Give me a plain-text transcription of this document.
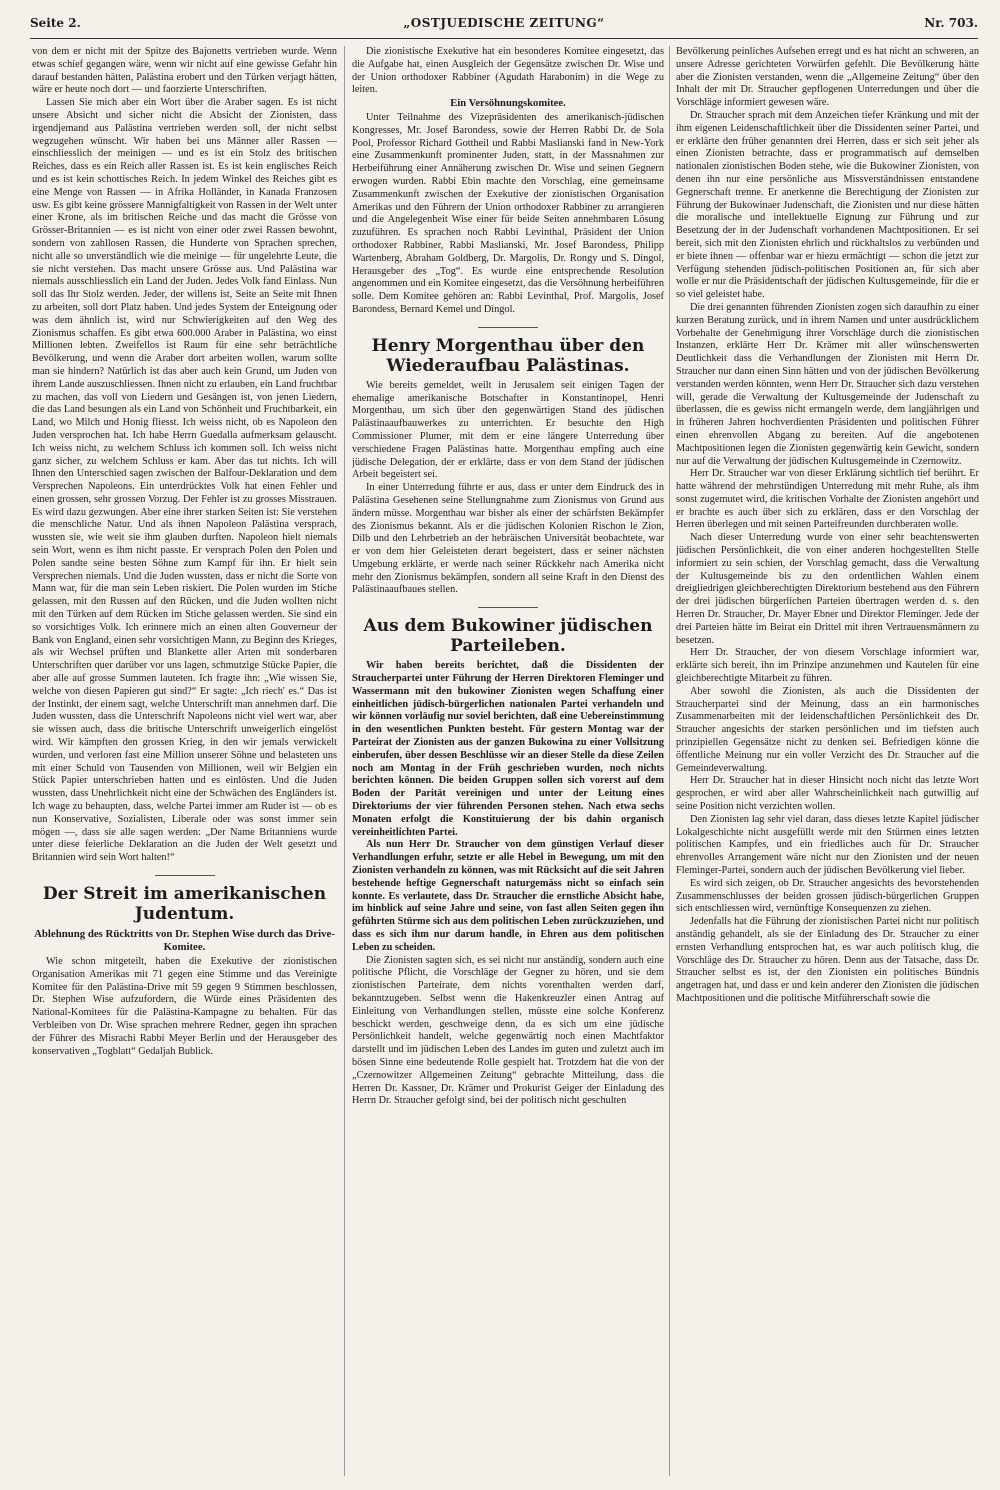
Seite 2.	„OSTJUEDISCHE ZEITUNG“	Nr. 703.

von dem er nicht mit der Spitze des Bajonetts vertrieben wurde. Wenn etwas schief gegangen wäre, wenn wir nicht auf eine gewisse Gefahr hin darauf bestanden hätten, Palästina erobert und den Türken verjagt hätten, wäre er heute noch dort — und faorzierte Unterschriften.

Lassen Sie mich aber ein Wort über die Araber sagen. Es ist nicht unsere Absicht und sicher nicht die Absicht der Zionisten, dass irgendjemand aus Palästina vertrieben werden soll, der nicht selbst wegzugehen wünscht. Wir haben bei uns Männer aller Rassen — einschliesslich der meinigen — und es ist ein Stolz des britischen Reiches, dass es ein Reich aller Rassen ist. Es ist kein englisches Reich und es ist kein schottisches Reich. In jedem Winkel des Reiches gibt es eine Menge von Rassen — in Afrika Holländer, in Kanada Franzosen usw. Es gibt keine grössere Mannigfaltigkeit von Rassen in der Welt unter einer Krone, als im britischen Reiche und das macht die Grösse von Grösser-Britannien — es ist nicht von einer oder zwei Rassen bewohnt, sondern von zahllosen Rassen, die Hunderte von Sprachen sprechen, nicht alle so unverständlich wie die meinige — für ungelehrte Leute, die sie nicht verstehen. Das macht unsere Grösse aus. Und Palästina war niemals ausschliesslich ein Land der Juden. Jedes Volk fand Einlass. Nun soll das Ihr Stolz werden. Jeder, der willens ist, Seite an Seite mit Ihnen zu arbeiten, soll dort Platz haben. Und jedes System der Enteignung oder was dem ähnlich ist, wird nur Schwierigkeiten auf den Weg des Zionismus schaffen. Es gibt etwa 600.000 Araber in Palästina, wo einst Millionen lebten. Zweifellos ist Raum für eine sehr beträchtliche Bevölkerung, und wenn die Araber dort arbeiten wollen, warum sollte man sie hindern? Natürlich ist das aber auch kein Grund, um Juden von ihrem Lande auszuschliessen. Ihnen nicht zu erlauben, ein Land fruchtbar zu machen, das voll von Liedern und Gesängen ist, von jenen Liedern, die das Land besungen als ein Land von Schönheit und Fruchtbarkeit, ein Land, wo Milch und Honig fliesst. Ich weiss nicht, ob es Napoleon den Juden versprochen hat. Ich habe Herrn Guedalla aufmerksam gelauscht. Ich weiss nicht, zu welchem Schluss ich kommen soll. Ich weiss nicht ganz sicher, zu welchem Schluss er kam. Aber das tut nichts. Ich will Ihnen den Unterschied sagen zwischen der Balfour-Deklaration und dem Versprechen Napoleons. Ein unterdrücktes Volk hat einen Fehler und einen grossen, sehr grossen Vorzug. Der Fehler ist zu grosses Misstrauen. Es wird dazu gezwungen. Aber eine ihrer starken Seiten ist: Sie verstehen die menschliche Natur. Und als ihnen Napoleon Palästina versprach, wussten sie, wie weit sie ihm glauben durften. Napoleon hielt niemals sein Wort, wenn es ihm nicht passte. Er versprach Polen den Polen und Polen sandte seine besten Söhne zum Kampf für ihn. Er hielt sein Versprechen niemals. Und die Juden wussten, dass er nicht die Sorte von Mann war, für die man sein Leben riskiert. Die Polen wurden im Stiche gelassen, mit den Russen auf den Rücken, und die Juden wollten nicht mit den Türken auf dem Rücken im Stiche gelassen werden. Sie sind ein so vorsichtiges Volk. Ich erinnere mich an einen alten Gouverneur der Bank von England, einen sehr vorsichtigen Mann, zu Beginn des Krieges, als wir Wechsel prüften und Blankette aller Arten mit sonderbaren Unterschriften quer darüber vor uns lagen, schmutzige Stücke Papier, die aber alle auf grosse Summen lauteten. Ich fragte ihn: „Wie wissen Sie, welche von diesen Papieren gut sind?“ Er sagte: „Ich riech' es.“ Das ist der Instinkt, der einem sagt, welche Unterschrift man annehmen darf. Die Juden wussten, dass die Unterschrift Napoleons nicht viel wert war, aber sie wissen auch, dass die britische Unterschrift unweigerlich eingelöst wird. Wir kämpften den grossen Krieg, in den wir jemals verwickelt wurden, und verloren fast eine Million unserer Söhne und belasteten uns mit einer Schuld von Tausenden von Millionen, weil wir Belgien ein Stück Papier unterschrieben hatten und es einlösten. Und die Juden wussten, dass Unehrlichkeit nicht eine der Schwächen des Engländers ist. Ich wage zu behaupten, dass, welche Partei immer am Ruder ist — ob es nun Konservative, Sozialisten, Liberale oder was sonst immer sein mögen —, dass sie alle sagen werden: „Der Name Britanniens wurde unter diese feierliche Deklaration an die Juden der Welt gesetzt und Britannien wird sein Wort halten!“

Der Streit im amerikanischen Judentum.
Ablehnung des Rücktritts von Dr. Stephen Wise durch das Drive-Komitee.

Wie schon mitgeteilt, haben die Exekutive der zionistischen Organisation Amerikas mit 71 gegen eine Stimme und das Vereinigte Komitee für den Palästina-Drive mit 59 gegen 9 Stimmen beschlossen, Dr. Stephen Wise aufzufordern, die Würde eines Präsidenten des National-Komitees für die Palästina-Kampagne zu behalten. Für das Verbleiben von Dr. Wise sprachen mehrere Redner, gegen ihn sprachen der Führer des Misrachi Rabbi Meyer Berlin und der Herausgeber des konservativen „Togblatt“ Gedaljah Bublick.

Die zionistische Exekutive hat ein besonderes Komitee eingesetzt, das die Aufgabe hat, einen Ausgleich der Gegensätze zwischen Dr. Wise und der Union orthodoxer Rabbiner (Agudath Harabonim) in die Wege zu leiten.

Ein Versöhnungskomitee.

Unter Teilnahme des Vizepräsidenten des amerikanisch-jüdischen Kongresses, Mr. Josef Barondess, sowie der Herren Rabbi Dr. de Sola Pool, Professor Richard Gottheil und Rabbi Maslianski fand in New-York eine Zusammenkunft prominenter Juden, statt, in der Massnahmen zur Herbeiführung einer Annäherung zwischen Dr. Wise und seinen Gegnern erwogen wurden. Rabbi Ebin machte den Vorschlag, eine gemeinsame Zusammenkunft zwischen der Exekutive der zionistischen Organisation Amerikas und den Führern der Union orthodoxer Rabbiner zu arrangieren und die Angelegenheit Wise einer für beide Seiten annehmbaren Lösung zuzuführen. Es sprachen noch Rabbi Levinthal, Präsident der Union orthodoxer Rabbiner, Rabbi Maslianski, Mr. Josef Barondess, Philipp Wartenberg, Abraham Goldberg, Dr. Margolis, Dr. Rongy und S. Dingol, Herausgeber des „Tog“. Es wurde eine entsprechende Resolution angenommen und ein Komitee eingesetzt, das die Versöhnung herbeiführen solle. Dem Komitee gehören an: Rabbi Levinthal, Prof. Margolis, Josef Barondess, Bernard Kemel und Dingol.

Henry Morgenthau über den Wiederaufbau Palästinas.

Wie bereits gemeldet, weilt in Jerusalem seit einigen Tagen der ehemalige amerikanische Botschafter in Konstantinopel, Henri Morgenthau, um sich über den gegenwärtigen Stand des jüdischen Palästinaaufbauwerkes zu unterrichten. Er besuchte den High Commissioner Plumer, mit dem er eine längere Unterredung über verschiedene Fragen Palästinas hatte. Morgenthau empfing auch eine jüdische Delegation, der er erklärte, dass er von dem Stand der jüdischen Arbeit begeistert sei.

In einer Unterredung führte er aus, dass er unter dem Eindruck des in Palästina Gesehenen seine Stellungnahme zum Zionismus von Grund aus ändern müsse. Morgenthau war bisher als einer der schärfsten Bekämpfer des Zionismus bekannt. Als er die jüdischen Kolonien Rischon le Zion, Dilb und den Lehrbetrieb an der hebräischen Universität beobachtete, war er von dem hier Geleisteten derart begeistert, dass er seiner nächsten Umgebung erklärte, er werde nach seiner Rückkehr nach Amerika nicht mehr den Zionismus bekämpfen, sondern all seine Kraft in den Dienst des Palästinaaufbaues stellen.

Aus dem Bukowiner jüdischen Parteileben.

Wir haben bereits berichtet, daß die Dissidenten der Straucherpartei unter Führung der Herren Direktoren Fleminger und Wassermann mit den bukowiner Zionisten wegen Schaffung einer einheitlichen jüdisch-bürgerlichen nationalen Partei verhandeln und wir können vorläufig nur soviel berichten, daß eine Uebereinstimmung in den wesentlichen Punkten besteht. Für gestern Montag war der Parteirat der Zionisten aus der ganzen Bukowina zu einer Vollsitzung einberufen, über dessen Beschlüsse wir an dieser Stelle da diese Zeilen noch am Montag in der Früh geschrieben wurden, noch nichts berichten können. Die beiden Gruppen sollen sich vorerst auf dem Boden der Parität vereinigen und unter der Leitung eines Direktoriums der vier führenden Personen stehen. Nach etwa sechs Monaten erfolgt die Konstituierung der bis dahin organisch vereinheitlichten Partei.

Als nun Herr Dr. Straucher von dem günstigen Verlauf dieser Verhandlungen erfuhr, setzte er alle Hebel in Bewegung, um mit den Zionisten verhandeln zu können, was mit Rücksicht auf die seit Jahren bestehende heftige Gegnerschaft naturgemäss nicht so einfach sein konnte. Es verlautete, dass Dr. Straucher die ernstliche Absicht habe, im hinblick auf seine Jahre und seine, von fast allen Seiten gegen ihn geführten Stürme sich aus dem politischen Leben zurückzuziehen, und dass es sich ihm nur darum handle, in Ehren aus dem politischen Leben zu scheiden.

Die Zionisten sagten sich, es sei nicht nur anständig, sondern auch eine politische Pflicht, die Vorschläge der Gegner zu hören, und sie dem zionistischen Parteirate, dem nichts vorenthalten werden darf, bekanntzugeben. Selbst wenn die Hakenkreuzler einen Antrag auf Einleitung von Verhandlungen stellen, müsste eine solche Konferenz beschickt werden, geschweige denn, da es sich um eine jüdische Persönlichkeit handelt, welche gegenwärtig noch einen Machtfaktor darstellt und im jüdischen Leben des Landes im guten und zuletzt auch im bösen Sinne eine bedeutende Rolle gespielt hat. Trotzdem hat die von der „Czernowitzer Allgemeinen Zeitung“ gebrachte Mitteilung, dass die Herren Dr. Kassner, Dr. Krämer und Prokurist Geiger der Einladung des Herrn Dr. Straucher gefolgt sind, bei der politisch nicht geschulten

Bevölkerung peinliches Aufsehen erregt und es hat nicht an schweren, an unsere Adresse gerichteten Vorwürfen gefehlt. Die Bevölkerung hätte aber die Zionisten verstanden, wenn die „Allgemeine Zeitung“ über den Inhalt der mit Dr. Straucher gepflogenen Unterredungen und über die Vorschläge informiert gewesen wäre.

Dr. Straucher sprach mit dem Anzeichen tiefer Kränkung und mit der ihm eigenen Leidenschaftlichkeit über die Dissidenten seiner Partei, und er erklärte den früher genannten drei Herren, dass er sich seit jeher als einen Zionisten betrachte, dass er programmatisch auf demselben nationalen zionistischen Boden stehe, wie die Bukowiner Zionisten, von denen ihn nur eine persönliche aus Missverständnissen entstandene Gegnerschaft trenne. Er anerkenne die Berechtigung der Zionisten zur Führung der Bukowinaer Judenschaft, die Zionisten und nur diese hätten die moralische und intellektuelle Eignung zur Führung und zur Besetzung der in der Judenschaft vorhandenen Machtpositionen. Er sei bereit, sich mit den Zionisten ehrlich und rückhaltslos zu verbünden und er biete ihnen — offenbar war er hiezu ermächtigt — schon die jetzt zur Verfügung stehenden jüdisch-politischen Positionen an, für sich aber wolle er nur die Präsidentschaft der jüdischen Kultusgemeinde, für die er so viel geleistet habe.

Die drei genannten führenden Zionisten zogen sich daraufhin zu einer kurzen Beratung zurück, und in ihrem Namen und unter ausdrücklichem Vorbehalte der Genehmigung ihrer Vorschläge durch die zionistischen Instanzen, erklärte Herr Dr. Krämer mit aller wünschenswerten Deutlichkeit dass die Verhandlungen der Zionisten mit Herrn Dr. Straucher nur dann einen Sinn hätten und von der jüdischen Bevölkerung verstanden werden könnten, wenn Herr Dr. Straucher sich dazu verstehen will, gerade die Verwaltung der Kultusgemeinde der Judenschaft zu überlassen, die es gewiss nicht ermangeln werde, dem langjährigen und in früheren Jahren hochverdienten Präsidenten und politischen Führer einen ehrenvollen Abgang zu bereiten. Auf die angebotenen Machtpositionen legen die Zionisten gegenwärtig kein Gewicht, sondern nur auf die Verwaltung der jüdischen Kultusgemeinde in Czernowitz.

Herr Dr. Straucher war von dieser Erklärung sichtlich tief berührt. Er hatte während der mehrstündigen Unterredung mit mehr Ruhe, als ihm sonst zugemutet wird, die kritischen Vorhalte der Zionisten angehört und er brachte es auch über sich zu erklären, dass er den Vorschlag der Herren überlegen und mit seinen Parteifreunden durchberaten wolle.

Nach dieser Unterredung wurde von einer sehr beachtenswerten jüdischen Persönlichkeit, die von einer anderen hochgestellten Stelle informiert zu sein schien, der Vorschlag gemacht, dass die Verwaltung der Kultusgemeinde bis zu den ordentlichen Wahlen einem dreigliedrigen gleichberechtigten Direktorium bestehend aus den Führern der drei jüdischen bürgerlichen Parteien übertragen werden d. s. den Herren Dr. Straucher, Dr. Mayer Ebner und Direktor Fleminger. Jede der drei Parteien hätte im Beirat ein Drittel mit ihren Vertrauensmännern zu besetzen.

Herr Dr. Straucher, der von diesem Vorschlage informiert war, erklärte sich bereit, ihn im Prinzipe anzunehmen und Kautelen für eine gleichberechtigte Mitarbeit zu führen.

Aber sowohl die Zionisten, als auch die Dissidenten der Straucherpartei sind der Meinung, dass an ein harmonisches Zusammenarbeiten mit der leidenschaftlichen Persönlichkeit des Dr. Straucher angesichts der starken persönlichen und im tiefsten auch prinzipiellen Gegensätze nicht zu denken sei. Befriedigen könne die öffentliche Meinung nur ein voller Verzicht des Dr. Straucher auf die Gemeindeverwaltung.

Herr Dr. Straucher hat in dieser Hinsicht noch nicht das letzte Wort gesprochen, er wird aber aller Wahrscheinlichkeit nach gutwillig auf seine Position nicht verzichten wollen.

Den Zionisten lag sehr viel daran, dass dieses letzte Kapitel jüdischer Lokalgeschichte nicht ausgefüllt werde mit den Stürmen eines letzten politischen Kampfes, und ein friedliches auch für Dr. Straucher ehrenvolles Arrangement wäre nicht nur den Zionisten und der neuen Fleminger-Partei, sondern auch der jüdischen Bevölkerung viel lieber.

Es wird sich zeigen, ob Dr. Straucher angesichts des bevorstehenden Zusammenschlusses der beiden grossen jüdisch-bürgerlichen Gruppen sich entschliessen wird, vernünftige Konsequenzen zu ziehen.

Jedenfalls hat die Führung der zionistischen Partei nicht nur politisch anständig gehandelt, als sie der Einladung des Dr. Straucher zu einer ernsten Verhandlung entsprochen hat, es war auch politisch klug, die Vorschläge des Dr. Straucher zu hören. Denn aus der Tatsache, dass Dr. Straucher selbst es ist, der den Zionisten ein politisches Bündnis angetragen hat, und dass er und kein anderer den Zionisten die jüdischen Machtpositionen und die politische Mitführerschaft sowie die
